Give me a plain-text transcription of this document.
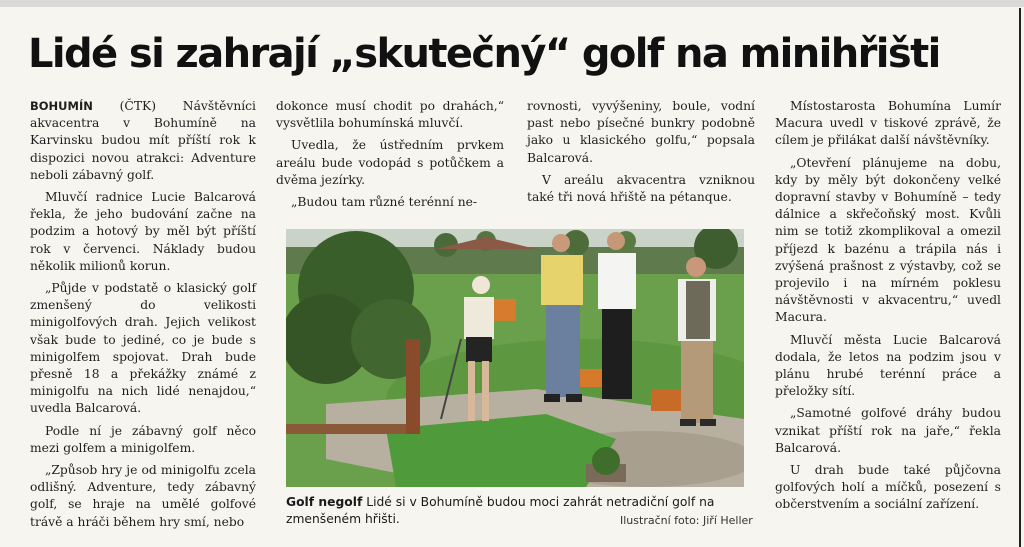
Lidé si zahrají „skutečný“ golf na minihřišti

BOHUMÍN (ČTK) Návštěvníci akvacentra v Bohumíně na Karvinsku budou mít příští rok k dispozici novou atrakci: Adventure neboli zábavný golf.

Mluvčí radnice Lucie Balcarová řekla, že jeho budování začne na podzim a hotový by měl být příští rok v červenci. Náklady budou několik milionů korun.

„Půjde v podstatě o klasický golf zmenšený do velikosti minigolfových drah. Jejich velikost však bude to jediné, co je bude s minigolfem spojovat. Drah bude přesně 18 a překážky známé z minigolfu na nich lidé nenajdou,“ uvedla Balcarová.

Podle ní je zábavný golf něco mezi golfem a minigolfem.

„Způsob hry je od minigolfu zcela odlišný. Adventure, tedy zábavný golf, se hraje na umělé golfové trávě a hráči během hry smí, nebo

dokonce musí chodit po drahách,“ vysvětlila bohumínská mluvčí.

Uvedla, že ústředním prvkem areálu bude vodopád s potůčkem a dvěma jezírky.

„Budou tam různé terénní ne-

rovnosti, vyvýšeniny, boule, vodní past nebo písečné bunkry podobně jako u klasického golfu,“ popsala Balcarová.

V areálu akvacentra vzniknou také tři nová hřiště na pétanque.

Místostarosta Bohumína Lumír Macura uvedl v tiskové zprávě, že cílem je přilákat další návštěvníky.

„Otevření plánujeme na dobu, kdy by měly být dokončeny velké dopravní stavby v Bohumíně – tedy dálnice a skřečoňský most. Kvůli nim se totiž zkomplikoval a omezil příjezd k bazénu a trápila nás i zvýšená prašnost z výstavby, což se projevilo i na mírném poklesu návštěvnosti v akvacentru,“ uvedl Macura.

Mluvčí města Lucie Balcarová dodala, že letos na podzim jsou v plánu hrubé terénní práce a přeložky sítí.

„Samotné golfové dráhy budou vznikat příští rok na jaře,“ řekla Balcarová.

U drah bude také půjčovna golfových holí a míčků, posezení s občerstvením a sociální zařízení.

Golf negolf Lidé si v Bohumíně budou moci zahrát netradiční golf na zmenšeném hřišti.	Ilustrační foto: Jiří Heller
